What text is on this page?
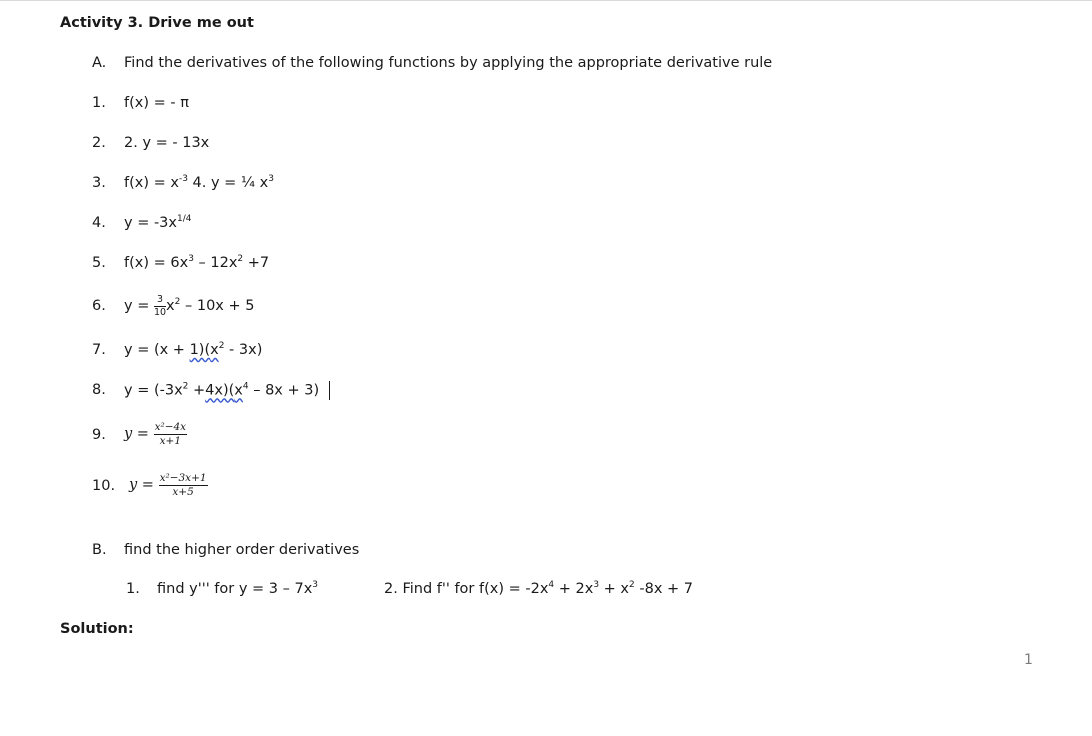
Activity 3. Drive me out
A. Find the derivatives of the following functions by applying the appropriate derivative rule
1. f(x) = - π
2. 2. y = - 13x
3. $f(x) = x^{-3}$ 4. y = ¼ $x^3$
4. $y = -3x^{1/4}$
5. $f(x) = 6x^3 - 12x^2 +7$
6. $y = \frac{3}{10} x^2 - 10x + 5$
7. $y = (x + 1)(x^2 - 3x)$
8. $y = (-3x^2 +4x)(x^4 - 8x + 3)$
9. $y = \frac{\text{x²−4x}}{x+1}$
10. $y = \frac{\text{x²−3x+1}}{x+5}$
B. find the higher order derivatives
1. find y''' for $y = 3 - 7x^3$	2. Find f'' for $f(x) = -2x^4 + 2x^3 + x^2$ -8x + 7
Solution:
1
